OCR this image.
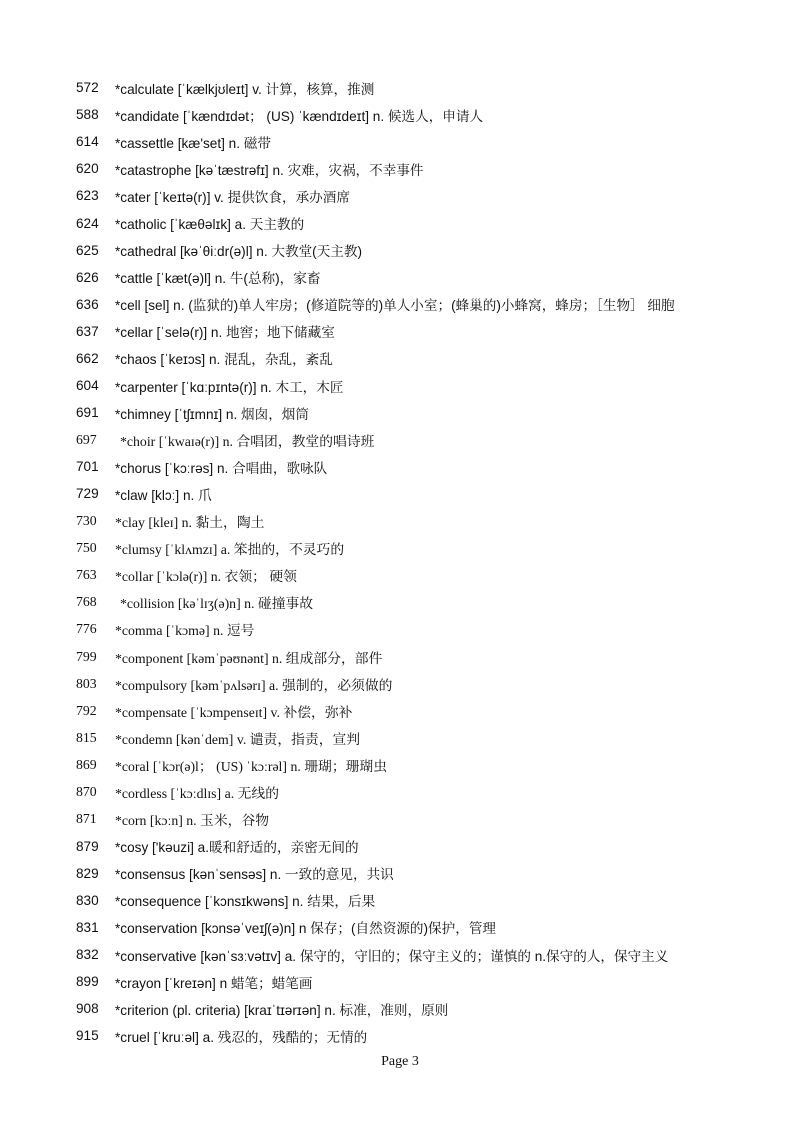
572	*calculate [ˈkælkjʊleɪt] v. 计算，核算，推测
588	*candidate [ˈkændɪdət； (US) ˈkændɪdeɪt] n. 候选人，申请人
614	*cassettle [kæ'set] n. 磁带
620	*catastrophe [kəˈtæstrəfɪ] n. 灾难，灾祸，不幸事件
623	*cater [ˈkeɪtə(r)] v. 提供饮食，承办酒席
624	*catholic [ˈkæθəlɪk] a. 天主教的
625	*cathedral [kəˈθiːdr(ə)l] n. 大教堂(天主教)
626	*cattle [ˈkæt(ə)l] n. 牛(总称)，家畜
636	*cell [sel] n. (监狱的)单人牢房；(修道院等的)单人小室；(蜂巢的)小蜂窝，蜂房；［生物］ 细胞
637	*cellar [ˈselə(r)] n. 地窖；地下储藏室
662	*chaos [ˈkeɪɔs] n. 混乱，杂乱，紊乱
604	*carpenter [ˈkɑːpɪntə(r)] n. 木工，木匠
691	*chimney [ˈtʃɪmnɪ] n. 烟囱，烟筒
697	*choir [ˈkwaɪə(r)] n. 合唱团，教堂的唱诗班
701	*chorus [ˈkɔːrəs] n. 合唱曲，歌咏队
729	*claw [klɔː] n. 爪
730	*clay [kleɪ] n. 黏土，陶土
750	*clumsy [ˈklʌmzɪ] a. 笨拙的，不灵巧的
763	*collar [ˈkɔlə(r)] n. 衣领； 硬领
768	*collision [kəˈlɪʒ(ə)n] n. 碰撞事故
776	*comma [ˈkɔmə] n. 逗号
799	*component [kəmˈpəʊnənt] n. 组成部分，部件
803	*compulsory [kəmˈpʌlsərɪ] a. 强制的，必须做的
792	*compensate [ˈkɔmpenseɪt] v. 补偿，弥补
815	*condemn [kənˈdem] v. 谴责，指责，宣判
869	*coral [ˈkɔr(ə)l； (US) ˈkɔːrəl] n. 珊瑚；珊瑚虫
870	*cordless [ˈkɔːdlɪs] a. 无线的
871	*corn [kɔːn] n. 玉米，谷物
879	*cosy ['kəuzi] a.暖和舒适的，亲密无间的
829	*consensus [kənˈsensəs] n. 一致的意见，共识
830	*consequence [ˈkɔnsɪkwəns] n. 结果，后果
831	*conservation [kɔnsəˈveɪʃ(ə)n] n 保存；(自然资源的)保护，管理
832	*conservative [kənˈsɜːvətɪv] a. 保守的，守旧的；保守主义的；谨慎的 n.保守的人，保守主义
899	*crayon [ˈkreɪən] n 蜡笔；蜡笔画
908	*criterion (pl. criteria) [kraɪˈtɪərɪən] n. 标准，准则，原则
915	*cruel [ˈkruːəl] a. 残忍的，残酷的；无情的
Page 3
